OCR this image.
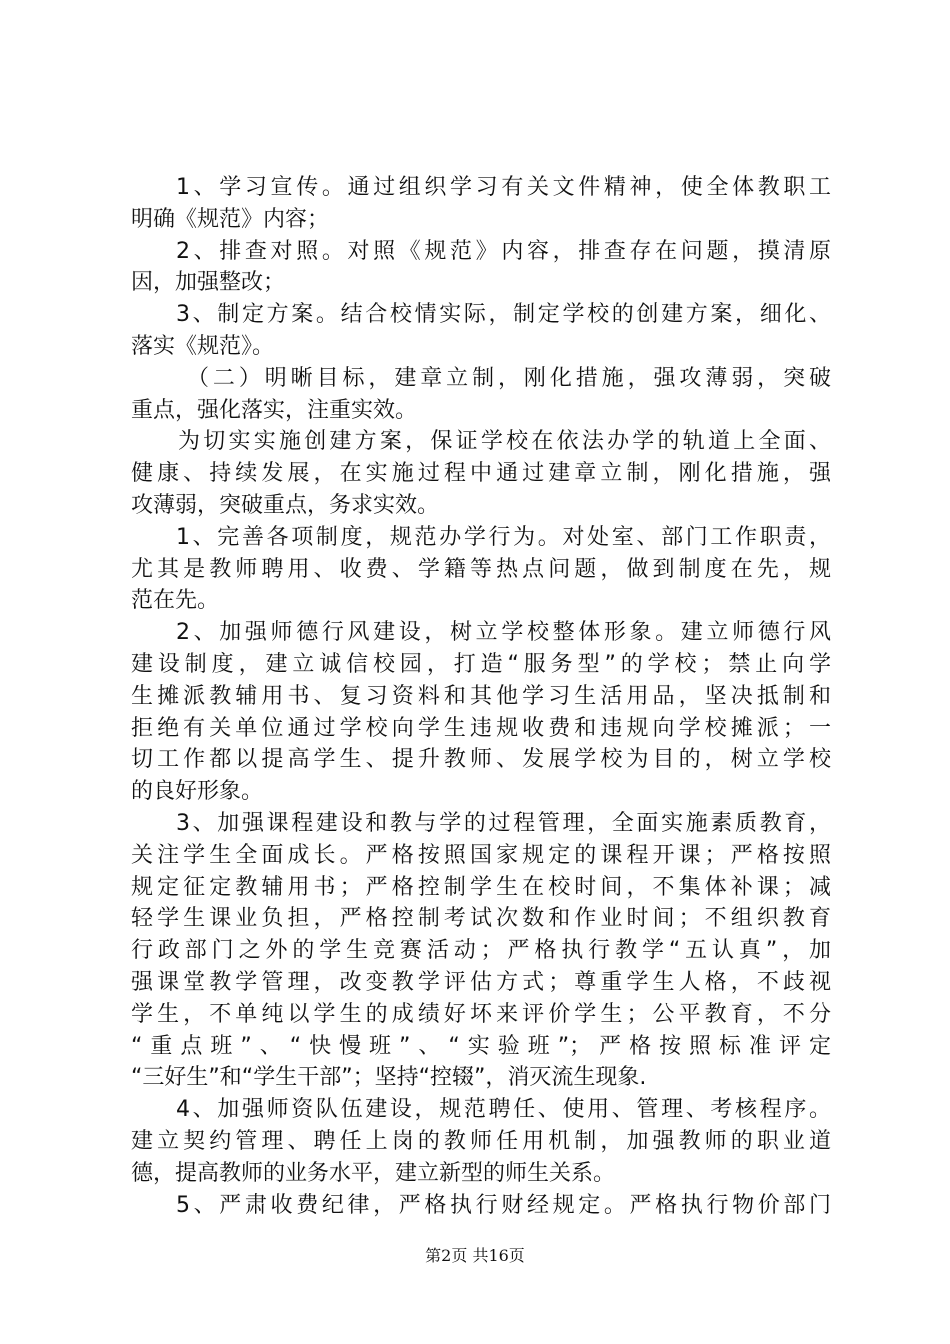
1、学习宣传。通过组织学习有关文件精神，使全体教职工
明确《规范》内容；
2、排查对照。对照《规范》内容，排查存在问题，摸清原
因，加强整改；
3、制定方案。结合校情实际，制定学校的创建方案，细化、
落实《规范》。
（二）明晰目标，建章立制，刚化措施，强攻薄弱，突破
重点，强化落实，注重实效。
为切实实施创建方案，保证学校在依法办学的轨道上全面、
健康、持续发展，在实施过程中通过建章立制，刚化措施，强
攻薄弱，突破重点，务求实效。
1、完善各项制度，规范办学行为。对处室、部门工作职责，
尤其是教师聘用、收费、学籍等热点问题，做到制度在先，规
范在先。
2、加强师德行风建设，树立学校整体形象。建立师德行风
建设制度，建立诚信校园，打造“服务型”的学校；禁止向学
生摊派教辅用书、复习资料和其他学习生活用品，坚决抵制和
拒绝有关单位通过学校向学生违规收费和违规向学校摊派；一
切工作都以提高学生、提升教师、发展学校为目的，树立学校
的良好形象。
3、加强课程建设和教与学的过程管理，全面实施素质教育，
关注学生全面成长。严格按照国家规定的课程开课；严格按照
规定征定教辅用书；严格控制学生在校时间，不集体补课；减
轻学生课业负担，严格控制考试次数和作业时间；不组织教育
行政部门之外的学生竞赛活动；严格执行教学“五认真”，加
强课堂教学管理，改变教学评估方式；尊重学生人格，不歧视
学生，不单纯以学生的成绩好坏来评价学生；公平教育，不分
“重点班”、“快慢班”、“实验班”；严格按照标准评定
“三好生”和“学生干部”；坚持“控辍”，消灭流生现象.
4、加强师资队伍建设，规范聘任、使用、管理、考核程序。
建立契约管理、聘任上岗的教师任用机制，加强教师的职业道
德，提高教师的业务水平，建立新型的师生关系。
5、严肃收费纪律，严格执行财经规定。严格执行物价部门
第2页 共16页
